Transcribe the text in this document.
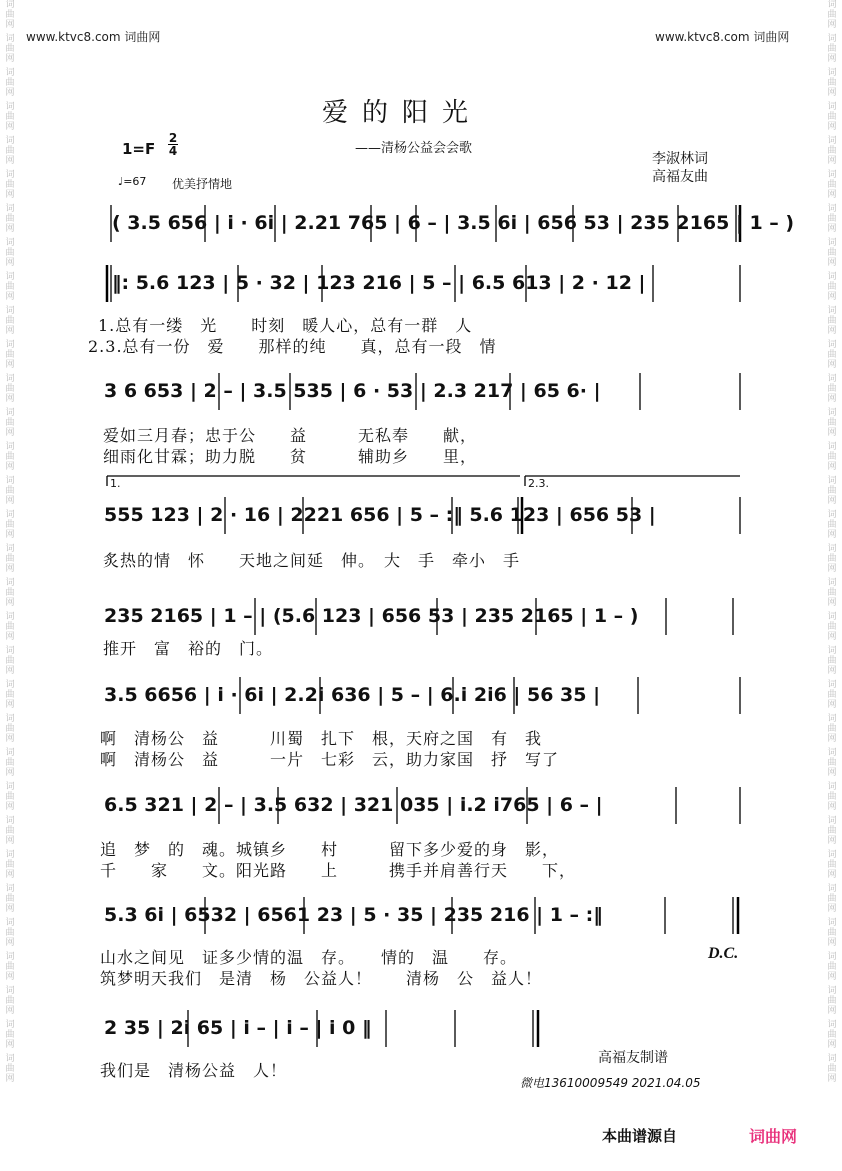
词
曲
网
词
曲
网
词
曲
网
词
曲
网
词
曲
网
词
曲
网
词
曲
网
词
曲
网
词
曲
网
词
曲
网
词
曲
网
词
曲
网
词
曲
网
词
曲
网
词
曲
网
词
曲
网
词
曲
网
词
曲
网
词
曲
网
词
曲
网
词
曲
网
词
曲
网
词
曲
网
词
曲
网
词
曲
网
词
曲
网
词
曲
网
词
曲
网
词
曲
网
词
曲
网
词
曲
网
词
曲
网
词
曲
网
词
曲
网
词
曲
网
词
曲
网
词
曲
网
词
曲
网
词
曲
网
词
曲
网
词
曲
网
词
曲
网
词
曲
网
词
曲
网
词
曲
网
词
曲
网
词
曲
网
词
曲
网
词
曲
网
词
曲
网
词
曲
网
词
曲
网
词
曲
网
词
曲
网
词
曲
网
词
曲
网
词
曲
网
词
曲
网
词
曲
网
词
曲
网
词
曲
网
词
曲
网
词
曲
网
词
曲
网
www.ktvc8.com 词曲网	www.ktvc8.com 词曲网
爱的阳光
——清杨公益会会歌
李淑林词
高福友曲
$1=F \frac{2}{4}$
♩=67 优美抒情地
( 3.5 656 | i · 6i | 2.21 765 | 6 – | 3.5 6i | 656 53 | 235 2165 | 1 – )
‖: 5.6 123 | 5 · 32 | 123 216 | 5 – | 6.5 613 | 2 · 12 |
1.总有一缕　光　　时刻　暖人心，总有一群　人
2.3.总有一份　爱　　那样的纯　　真，总有一段　情
3 6 653 | 2 – | 3.5 535 | 6 · 53 | 2.3 217 | 65 6· |
爱如三月春；忠于公　　益　　　无私奉　　献，
细雨化甘霖；助力脱　　贫　　　辅助乡　　里，
1.	2.3.
555 123 | 2 · 16 | 2221 656 | 5 – :‖ 5.6 123 | 656 53 |
炙热的情　怀　　天地之间延　伸。　大　手　牵小　手
235 2165 | 1 – | (5.6 123 | 656 53 | 235 2165 | 1 – )
推开　富　裕的　门。
3.5 6656 | i · 6i | 2.2i 636 | 5 – | 6.i 2i6 | 56 35 |
啊　清杨公　益　　　川蜀　扎下　根，天府之国　有　我
啊　清杨公　益　　　一片　七彩　云，助力家国　抒　写了
6.5 321 | 2 – | 3.5 632 | 321 035 | i.2 i765 | 6 – |
追　梦　的　魂。城镇乡　　村　　　留下多少爱的身　影，
千　　家　　文。阳光路　　上　　　携手并肩善行天　　下，
5.3 6i | 6532 | 6561 23 | 5 · 35 | 235 216 | 1 – :‖
山水之间见　证多少情的温　存。　　情的　温　　存。
筑梦明天我们　是清　杨　公益人！　　清杨　公　益人！
D.C.
2 35 | 2i 65 | i – | i – | i 0 ‖
我们是　清杨公益　人！
高福友制谱
微电13610009549 2021.04.05
本曲谱源自	词曲网
